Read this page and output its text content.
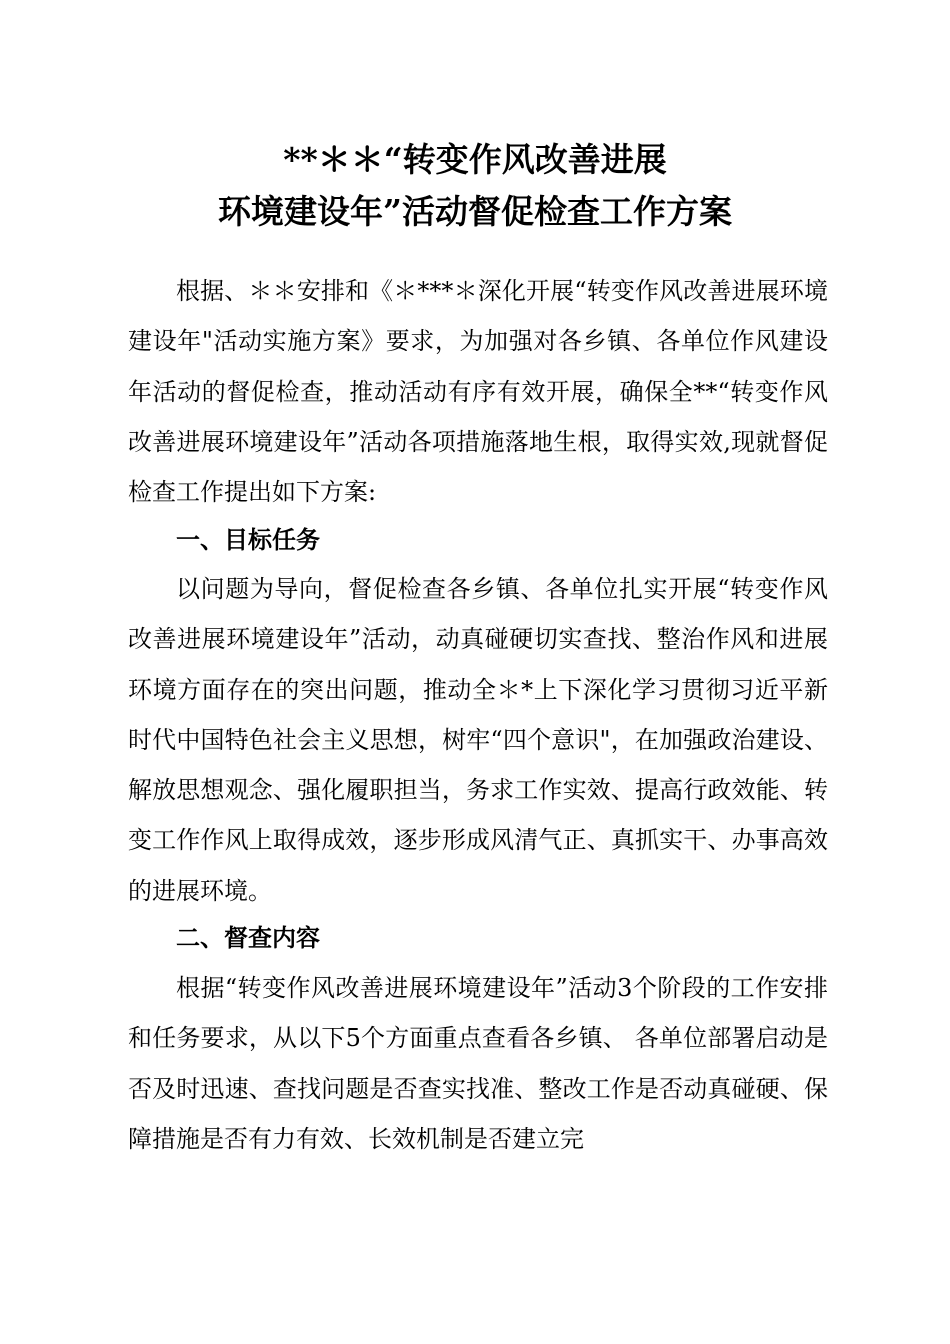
**＊＊“转变作风改善进展
环境建设年”活动督促检查工作方案

根据、＊＊安排和《＊***＊深化开展“转变作风改善进展环境建设年"活动实施方案》要求，为加强对各乡镇、各单位作风建设年活动的督促检查，推动活动有序有效开展，确保全**“转变作风改善进展环境建设年”活动各项措施落地生根，取得实效,现就督促检查工作提出如下方案:

一、目标任务

以问题为导向，督促检查各乡镇、各单位扎实开展“转变作风改善进展环境建设年”活动，动真碰硬切实查找、整治作风和进展环境方面存在的突出问题，推动全＊*上下深化学习贯彻习近平新时代中国特色社会主义思想，树牢“四个意识"，在加强政治建设、解放思想观念、强化履职担当，务求工作实效、提高行政效能、转变工作作风上取得成效，逐步形成风清气正、真抓实干、办事高效的进展环境。

二、督查内容

根据“转变作风改善进展环境建设年”活动3个阶段的工作安排和任务要求，从以下5个方面重点查看各乡镇、 各单位部署启动是否及时迅速、查找问题是否查实找准、整改工作是否动真碰硬、保障措施是否有力有效、长效机制是否建立完
